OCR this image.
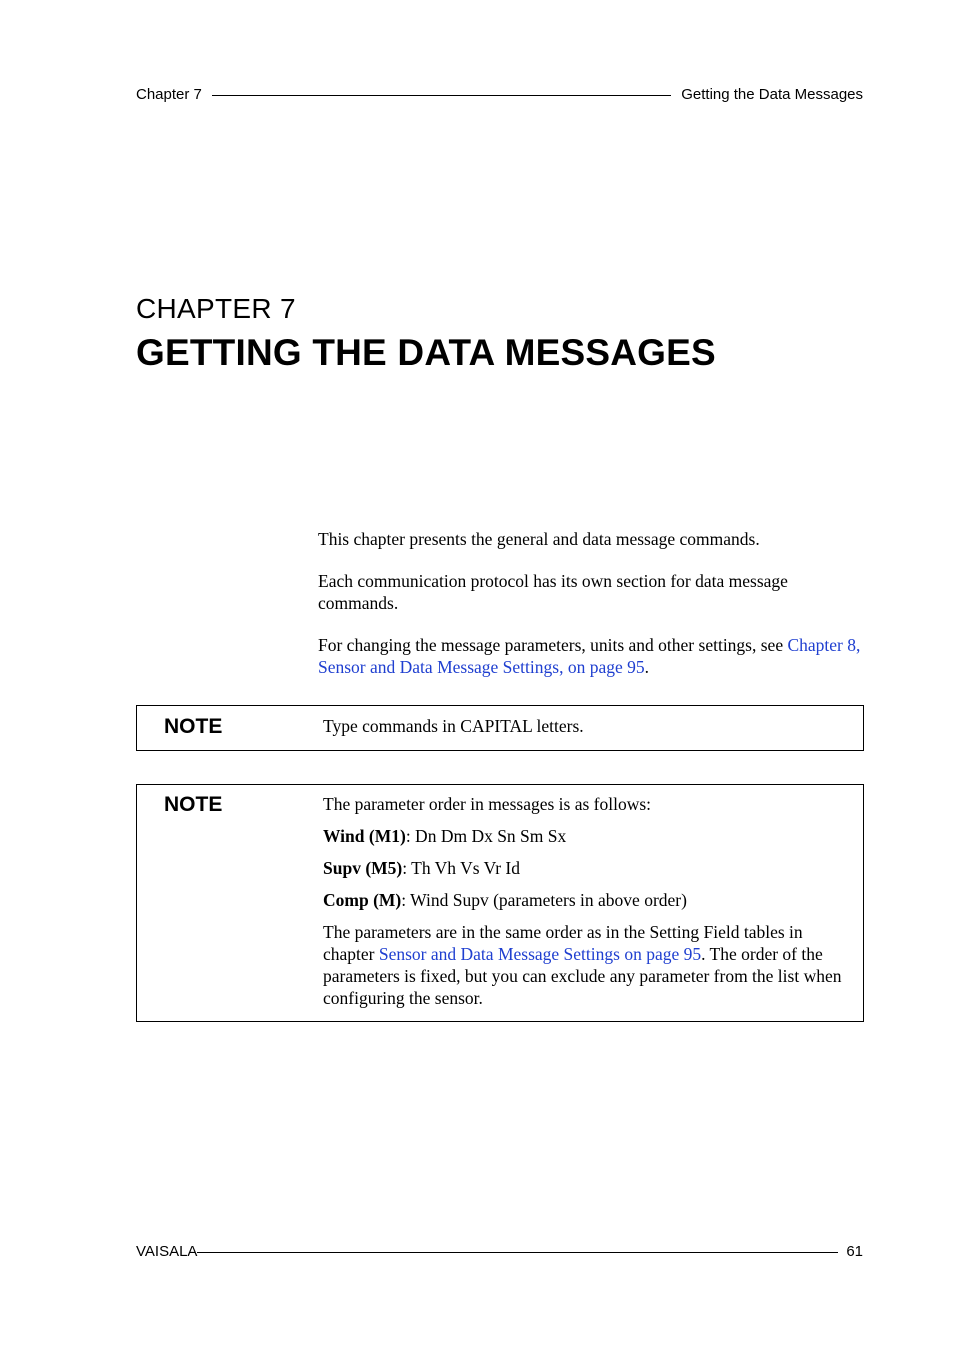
Chapter 7	Getting the Data Messages
CHAPTER 7
GETTING THE DATA MESSAGES
This chapter presents the general and data message commands.
Each communication protocol has its own section for data message commands.
For changing the message parameters, units and other settings, see Chapter 8, Sensor and Data Message Settings, on page 95.
NOTE	Type commands in CAPITAL letters.
NOTE	The parameter order in messages is as follows:

Wind (M1): Dn Dm Dx Sn Sm Sx

Supv (M5): Th Vh Vs Vr Id

Comp (M): Wind Supv (parameters in above order)

The parameters are in the same order as in the Setting Field tables in chapter Sensor and Data Message Settings on page 95. The order of the parameters is fixed, but you can exclude any parameter from the list when configuring the sensor.

VAISALA	61
